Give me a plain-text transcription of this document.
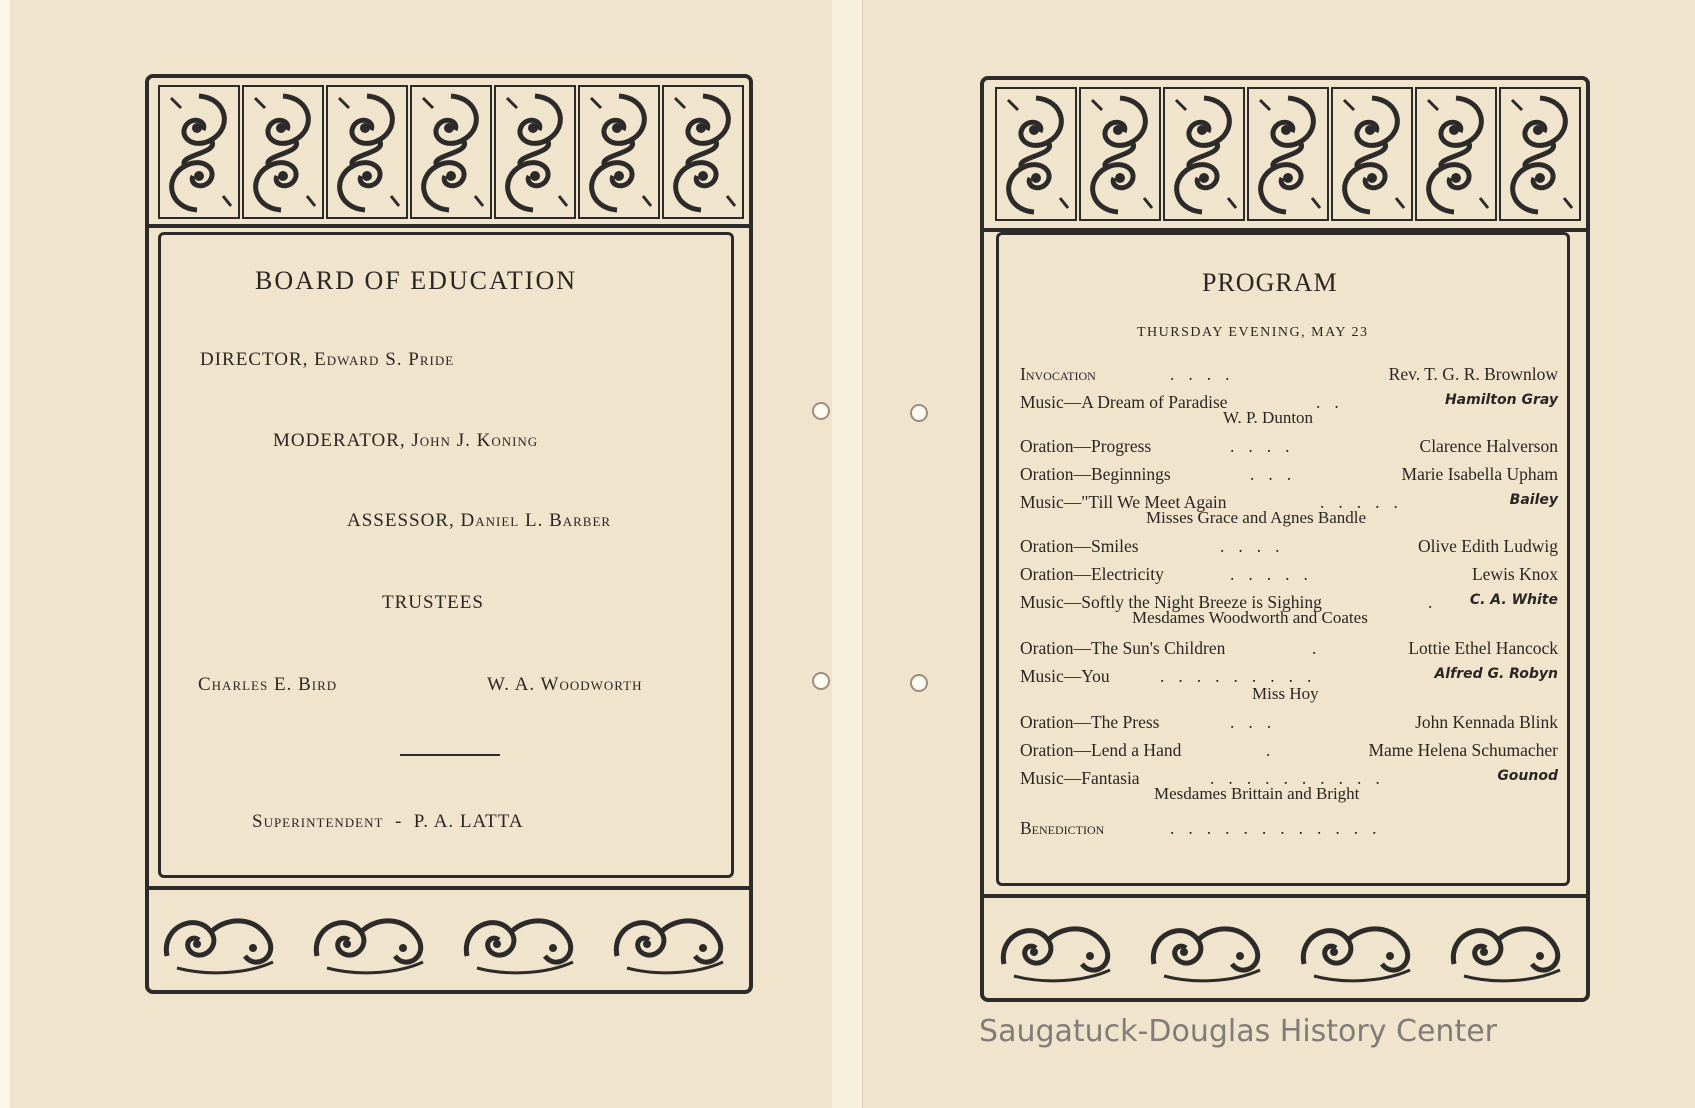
BOARD OF EDUCATION
DIRECTOR, Edward S. Pride
MODERATOR, John J. Koning
ASSESSOR, Daniel L. Barber
TRUSTEES
Charles E. Bird	W. A. Woodworth
Superintendent - P. A. LATTA
PROGRAM
THURSDAY EVENING, MAY 23
Invocation	....	Rev. T. G. R. Brownlow
Music—A Dream of Paradise	..	Hamilton Gray
W. P. Dunton
Oration—Progress	....	Clarence Halverson
Oration—Beginnings	...	Marie Isabella Upham
Music—"Till We Meet Again	.....	Bailey
Misses Grace and Agnes Bandle
Oration—Smiles	....	Olive Edith Ludwig
Oration—Electricity	.....	Lewis Knox
Music—Softly the Night Breeze is Sighing	. C. A. White
Mesdames Woodworth and Coates
Oration—The Sun's Children	.	Lottie Ethel Hancock
Music—You	.........	Alfred G. Robyn
Miss Hoy
Oration—The Press	...	John Kennada Blink
Oration—Lend a Hand	.	Mame Helena Schumacher
Music—Fantasia	..........	Gounod
Mesdames Brittain and Bright
Benediction	............
Saugatuck-Douglas History Center
